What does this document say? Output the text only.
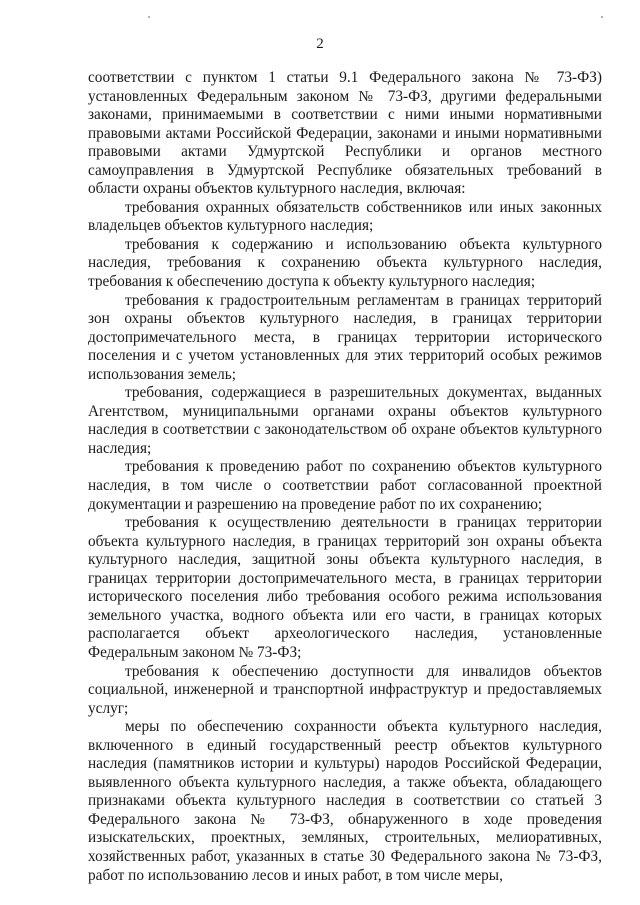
2

соответствии с пунктом 1 статьи 9.1 Федерального закона № 73-ФЗ) установленных Федеральным законом № 73-ФЗ, другими федеральными законами, принимаемыми в соответствии с ними иными нормативными правовыми актами Российской Федерации, законами и иными нормативными правовыми актами Удмуртской Республики и органов местного самоуправления в Удмуртской Республике обязательных требований в области охраны объектов культурного наследия, включая:

требования охранных обязательств собственников или иных законных владельцев объектов культурного наследия;

требования к содержанию и использованию объекта культурного наследия, требования к сохранению объекта культурного наследия, требования к обеспечению доступа к объекту культурного наследия;

требования к градостроительным регламентам в границах территорий зон охраны объектов культурного наследия, в границах территории достопримечательного места, в границах территории исторического поселения и с учетом установленных для этих территорий особых режимов использования земель;

требования, содержащиеся в разрешительных документах, выданных Агентством, муниципальными органами охраны объектов культурного наследия в соответствии с законодательством об охране объектов культурного наследия;

требования к проведению работ по сохранению объектов культурного наследия, в том числе о соответствии работ согласованной проектной документации и разрешению на проведение работ по их сохранению;

требования к осуществлению деятельности в границах территории объекта культурного наследия, в границах территорий зон охраны объекта культурного наследия, защитной зоны объекта культурного наследия, в границах территории достопримечательного места, в границах территории исторического поселения либо требования особого режима использования земельного участка, водного объекта или его части, в границах которых располагается объект археологического наследия, установленные Федеральным законом № 73-ФЗ;

требования к обеспечению доступности для инвалидов объектов социальной, инженерной и транспортной инфраструктур и предоставляемых услуг;

меры по обеспечению сохранности объекта культурного наследия, включенного в единый государственный реестр объектов культурного наследия (памятников истории и культуры) народов Российской Федерации, выявленного объекта культурного наследия, а также объекта, обладающего признаками объекта культурного наследия в соответствии со статьей 3 Федерального закона № 73-ФЗ, обнаруженного в ходе проведения изыскательских, проектных, земляных, строительных, мелиоративных, хозяйственных работ, указанных в статье 30 Федерального закона № 73-ФЗ, работ по использованию лесов и иных работ, в том числе меры,
